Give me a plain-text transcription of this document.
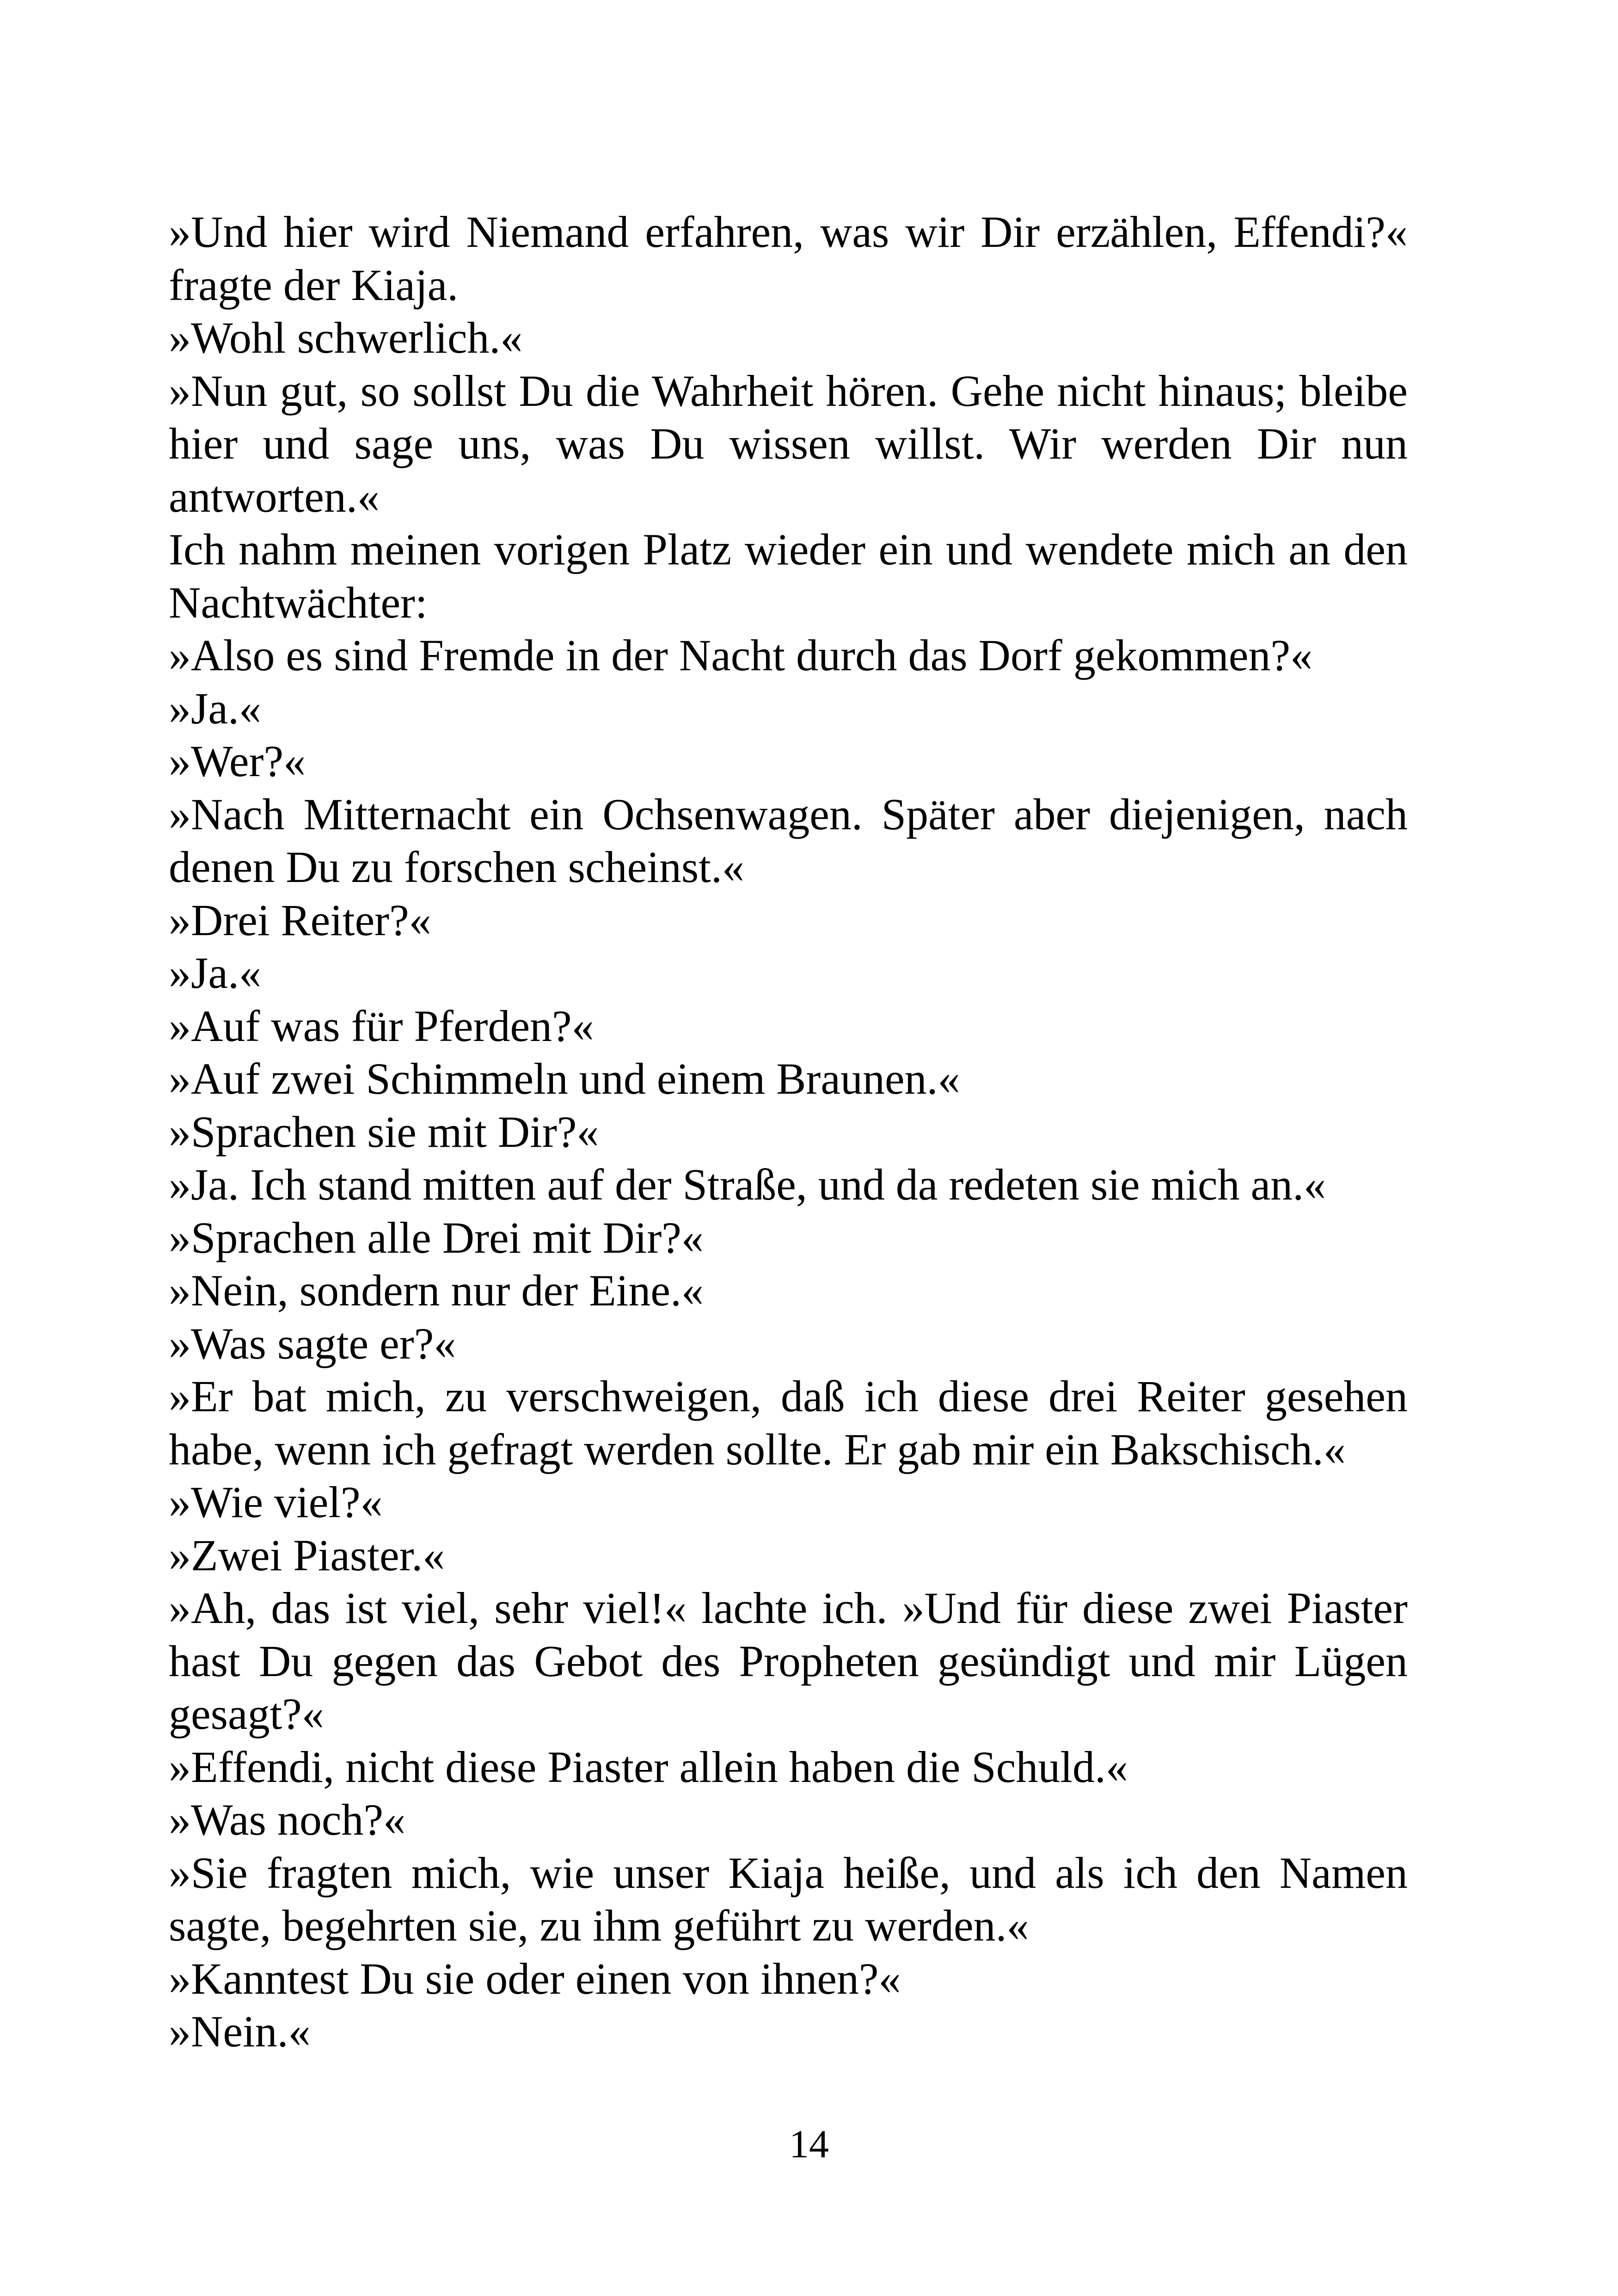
»Und hier wird Niemand erfahren, was wir Dir erzählen, Effendi?« fragte der Kiaja.

»Wohl schwerlich.«

»Nun gut, so sollst Du die Wahrheit hören. Gehe nicht hinaus; bleibe hier und sage uns, was Du wissen willst. Wir werden Dir nun antworten.«

Ich nahm meinen vorigen Platz wieder ein und wendete mich an den Nachtwächter:

»Also es sind Fremde in der Nacht durch das Dorf gekommen?«

»Ja.«

»Wer?«

»Nach Mitternacht ein Ochsenwagen. Später aber diejenigen, nach denen Du zu forschen scheinst.«

»Drei Reiter?«

»Ja.«

»Auf was für Pferden?«

»Auf zwei Schimmeln und einem Braunen.«

»Sprachen sie mit Dir?«

»Ja. Ich stand mitten auf der Straße, und da redeten sie mich an.«

»Sprachen alle Drei mit Dir?«

»Nein, sondern nur der Eine.«

»Was sagte er?«

»Er bat mich, zu verschweigen, daß ich diese drei Reiter gesehen habe, wenn ich gefragt werden sollte. Er gab mir ein Bakschisch.«

»Wie viel?«

»Zwei Piaster.«

»Ah, das ist viel, sehr viel!« lachte ich. »Und für diese zwei Piaster hast Du gegen das Gebot des Propheten gesündigt und mir Lügen gesagt?«

»Effendi, nicht diese Piaster allein haben die Schuld.«

»Was noch?«

»Sie fragten mich, wie unser Kiaja heiße, und als ich den Namen sagte, begehrten sie, zu ihm geführt zu werden.«

»Kanntest Du sie oder einen von ihnen?«

»Nein.«

14
